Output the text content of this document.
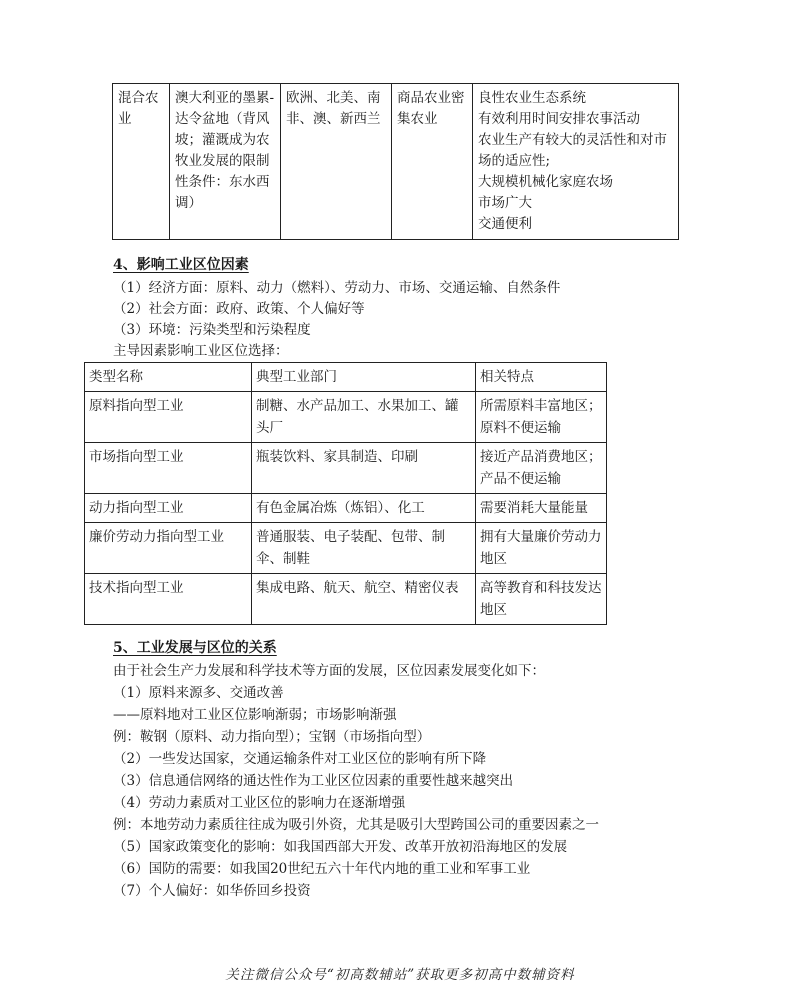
混合农业	澳大利亚的墨累-达令盆地（背风坡；灌溉成为农牧业发展的限制性条件：东水西调）	欧洲、北美、南非、澳、新西兰	商品农业密集农业	良性农业生态系统
有效利用时间安排农事活动
农业生产有较大的灵活性和对市场的适应性;
大规模机械化家庭农场
市场广大
交通便利
4、影响工业区位因素
（1）经济方面：原料、动力（燃料）、劳动力、市场、交通运输、自然条件
（2）社会方面：政府、政策、个人偏好等
（3）环境：污染类型和污染程度
主导因素影响工业区位选择：
类型名称	典型工业部门	相关特点
原料指向型工业	制糖、水产品加工、水果加工、罐头厂	所需原料丰富地区；
原料不便运输
市场指向型工业	瓶装饮料、家具制造、印刷	接近产品消费地区；
产品不便运输
动力指向型工业	有色金属冶炼（炼铝）、化工	需要消耗大量能量
廉价劳动力指向型工业	普通服装、电子装配、包带、制伞、制鞋	拥有大量廉价劳动力地区
技术指向型工业	集成电路、航天、航空、精密仪表	高等教育和科技发达地区
5、工业发展与区位的关系
由于社会生产力发展和科学技术等方面的发展，区位因素发展变化如下：
（1）原料来源多、交通改善
——原料地对工业区位影响渐弱；市场影响渐强
例：鞍钢（原料、动力指向型）；宝钢（市场指向型）
（2）一些发达国家，交通运输条件对工业区位的影响有所下降
（3）信息通信网络的通达性作为工业区位因素的重要性越来越突出
（4）劳动力素质对工业区位的影响力在逐渐增强
例：本地劳动力素质往往成为吸引外资，尤其是吸引大型跨国公司的重要因素之一
（5）国家政策变化的影响：如我国西部大开发、改革开放初沿海地区的发展
（6）国防的需要：如我国20世纪五六十年代内地的重工业和军事工业
（7）个人偏好：如华侨回乡投资
关注微信公众号“初高数辅站”获取更多初高中数辅资料
